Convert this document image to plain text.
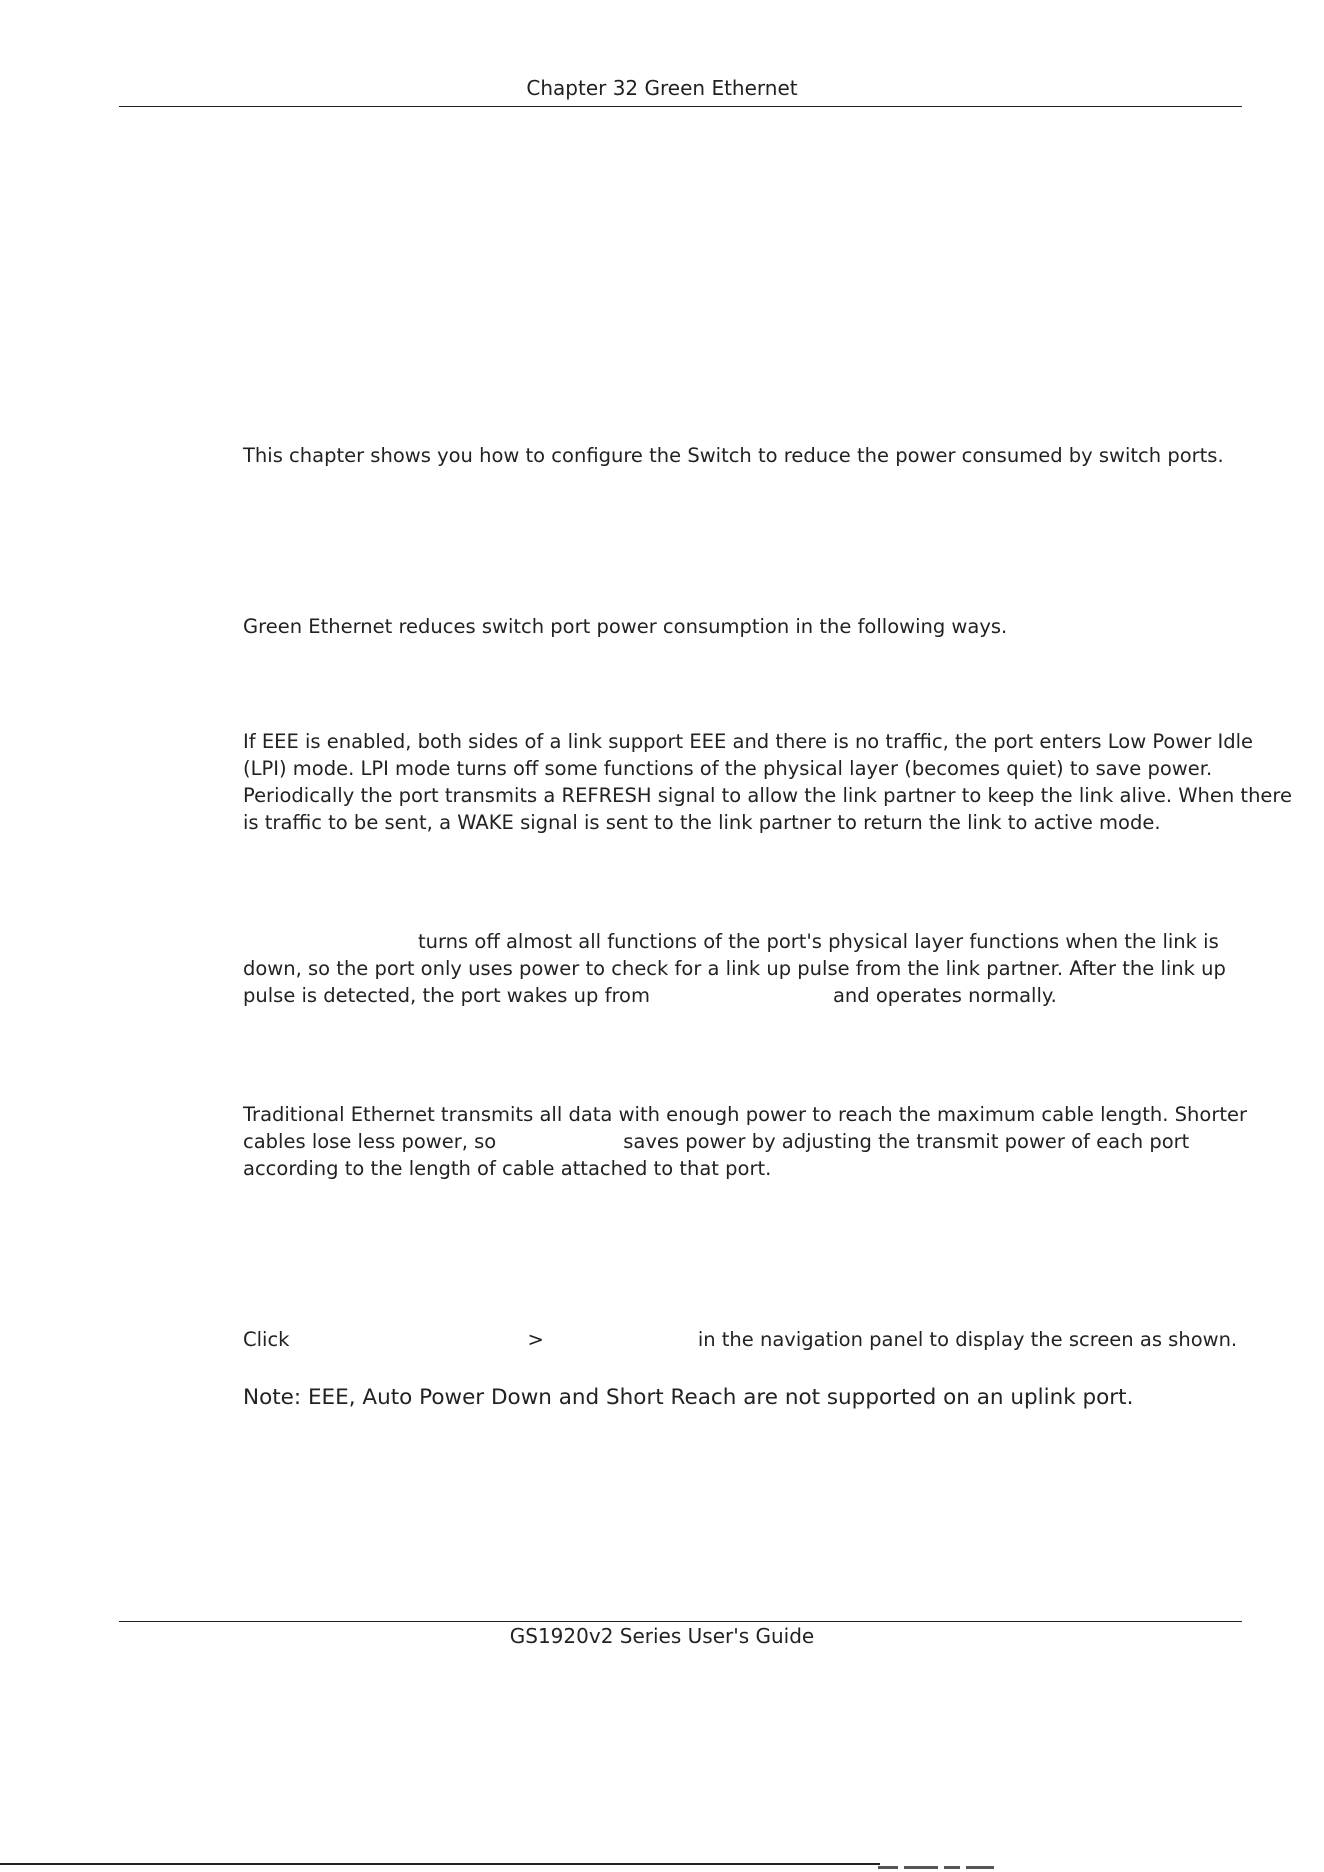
Chapter 32 Green Ethernet
This chapter shows you how to configure the Switch to reduce the power consumed by switch ports.
Green Ethernet reduces switch port power consumption in the following ways.
If EEE is enabled, both sides of a link support EEE and there is no traffic, the port enters Low Power Idle
(LPI) mode. LPI mode turns off some functions of the physical layer (becomes quiet) to save power.
Periodically the port transmits a REFRESH signal to allow the link partner to keep the link alive. When there
is traffic to be sent, a WAKE signal is sent to the link partner to return the link to active mode.
turns off almost all functions of the port's physical layer functions when the link is
down, so the port only uses power to check for a link up pulse from the link partner. After the link up
pulse is detected, the port wakes up from	and operates normally.
Traditional Ethernet transmits all data with enough power to reach the maximum cable length. Shorter
cables lose less power, so	saves power by adjusting the transmit power of each port
according to the length of cable attached to that port.
Click	>	in the navigation panel to display the screen as shown.
Note: EEE, Auto Power Down and Short Reach are not supported on an uplink port.
GS1920v2 Series User's Guide
